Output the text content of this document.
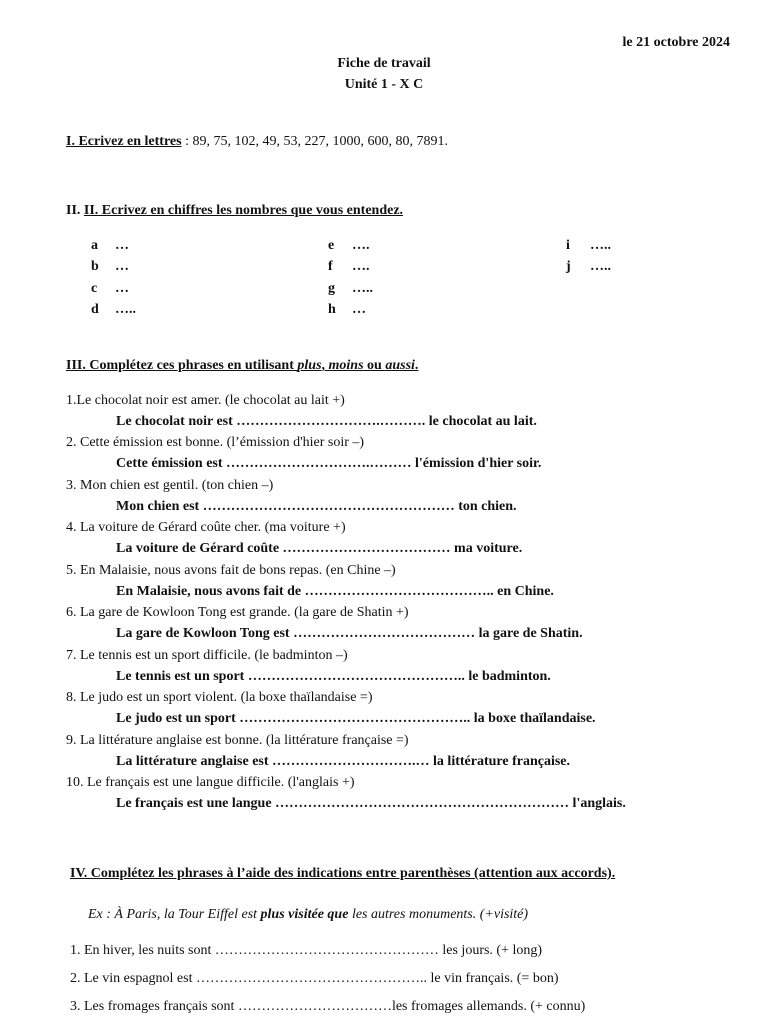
le 21 octobre 2024
Fiche de travail
Unité 1 - X C
I. Ecrivez en lettres : 89, 75, 102, 49, 53, 227, 1000, 600, 80, 7891.
II. II. Ecrivez en chiffres les nombres que vous entendez.
a …
b …
c …
d …..
e ….
f ….
g …..
h …
i …..
j …..
III. Complétez ces phrases en utilisant plus, moins ou aussi.
1.Le chocolat noir est amer. (le chocolat au lait +)
Le chocolat noir est ………………………….………. le chocolat au lait.
2. Cette émission est bonne. (l’émission d'hier soir –)
Cette émission est ………………………….……… l'émission d'hier soir.
3. Mon chien est gentil. (ton chien –)
Mon chien est ……………………………………………… ton chien.
4. La voiture de Gérard coûte cher. (ma voiture +)
La voiture de Gérard coûte ……………………………… ma voiture.
5. En Malaisie, nous avons fait de bons repas. (en Chine –)
En Malaisie, nous avons fait de ………………………………….. en Chine.
6. La gare de Kowloon Tong est grande. (la gare de Shatin +)
La gare de Kowloon Tong est ………………………………… la gare de Shatin.
7. Le tennis est un sport difficile. (le badminton –)
Le tennis est un sport ……………………………………….. le badminton.
8. Le judo est un sport violent. (la boxe thaïlandaise =)
Le judo est un sport ………………………………………….. la boxe thaïlandaise.
9. La littérature anglaise est bonne. (la littérature française =)
La littérature anglaise est ………………………….… la littérature française.
10. Le français est une langue difficile. (l'anglais +)
Le français est une langue ……………………………………………………… l'anglais.
IV. Complétez les phrases à l’aide des indications entre parenthèses (attention aux accords).
Ex : À Paris, la Tour Eiffel est plus visitée que les autres monuments. (+visité)
1. En hiver, les nuits sont ………………………………………… les jours. (+ long)
2. Le vin espagnol est ………………………………………….. le vin français. (= bon)
3. Les fromages français sont ……………………………les fromages allemands. (+ connu)
